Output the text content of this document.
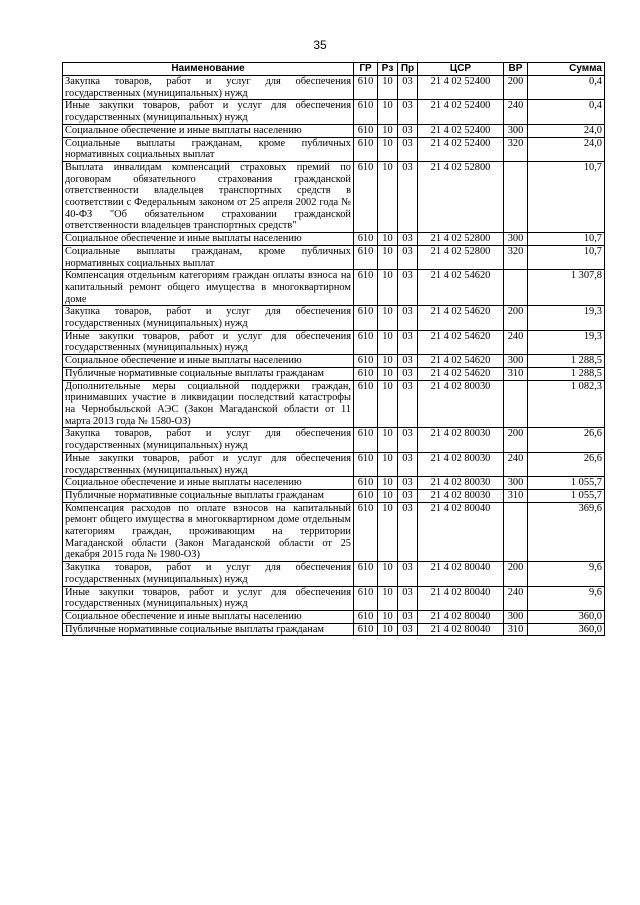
35
Наименование	ГР	Рз	Пр	ЦСР	ВР	Сумма
Закупка товаров, работ и услуг для обеспечения государственных (муниципальных) нужд	610	10	03	21 4 02 52400	200	0,4
Иные закупки товаров, работ и услуг для обеспечения государственных (муниципальных) нужд	610	10	03	21 4 02 52400	240	0,4
Социальное обеспечение и иные выплаты населению	610	10	03	21 4 02 52400	300	24,0
Социальные выплаты гражданам, кроме публичных нормативных социальных выплат	610	10	03	21 4 02 52400	320	24,0
Выплата инвалидам компенсаций страховых премий по договорам обязательного страхования гражданской ответственности владельцев транспортных средств в соответствии с Федеральным законом от 25 апреля 2002 года № 40-ФЗ "Об обязательном страховании гражданской ответственности владельцев транспортных средств"	610	10	03	21 4 02 52800		10,7
Социальное обеспечение и иные выплаты населению	610	10	03	21 4 02 52800	300	10,7
Социальные выплаты гражданам, кроме публичных нормативных социальных выплат	610	10	03	21 4 02 52800	320	10,7
Компенсация отдельным категориям граждан оплаты взноса на капитальный ремонт общего имущества в многоквартирном доме	610	10	03	21 4 02 54620		1 307,8
Закупка товаров, работ и услуг для обеспечения государственных (муниципальных) нужд	610	10	03	21 4 02 54620	200	19,3
Иные закупки товаров, работ и услуг для обеспечения государственных (муниципальных) нужд	610	10	03	21 4 02 54620	240	19,3
Социальное обеспечение и иные выплаты населению	610	10	03	21 4 02 54620	300	1 288,5
Публичные нормативные социальные выплаты гражданам	610	10	03	21 4 02 54620	310	1 288,5
Дополнительные меры социальной поддержки граждан, принимавших участие в ликвидации последствий катастрофы на Чернобыльской АЭС (Закон Магаданской области от 11 марта 2013 года № 1580-ОЗ)	610	10	03	21 4 02 80030		1 082,3
Закупка товаров, работ и услуг для обеспечения государственных (муниципальных) нужд	610	10	03	21 4 02 80030	200	26,6
Иные закупки товаров, работ и услуг для обеспечения государственных (муниципальных) нужд	610	10	03	21 4 02 80030	240	26,6
Социальное обеспечение и иные выплаты населению	610	10	03	21 4 02 80030	300	1 055,7
Публичные нормативные социальные выплаты гражданам	610	10	03	21 4 02 80030	310	1 055,7
Компенсация расходов по оплате взносов на капитальный ремонт общего имущества в многоквартирном доме отдельным категориям граждан, проживающим на территории Магаданской области (Закон Магаданской области от 25 декабря 2015 года № 1980-ОЗ)	610	10	03	21 4 02 80040		369,6
Закупка товаров, работ и услуг для обеспечения государственных (муниципальных) нужд	610	10	03	21 4 02 80040	200	9,6
Иные закупки товаров, работ и услуг для обеспечения государственных (муниципальных) нужд	610	10	03	21 4 02 80040	240	9,6
Социальное обеспечение и иные выплаты населению	610	10	03	21 4 02 80040	300	360,0
Публичные нормативные социальные выплаты гражданам	610	10	03	21 4 02 80040	310	360,0
